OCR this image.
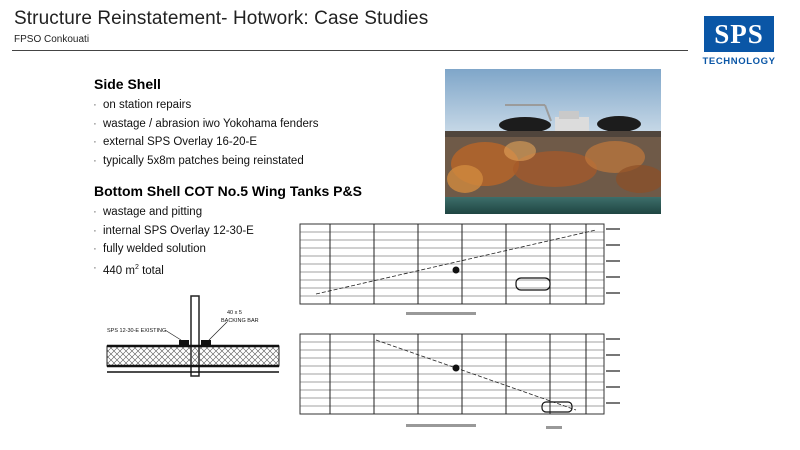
Structure Reinstatement- Hotwork: Case Studies
FPSO Conkouati	SPS
TECHNOLOGY
Side Shell
· on station repairs
· wastage / abrasion iwo Yokohama fenders
· external SPS Overlay 16-20-E
· typically 5x8m patches being reinstated
Bottom Shell COT No.5 Wing Tanks P&S
· wastage and pitting
· internal SPS Overlay 12-30-E
· fully welded solution
· 440 $m^2$ total
SPS 12-30-E EXISTING
40 x 5
BACKING BAR
